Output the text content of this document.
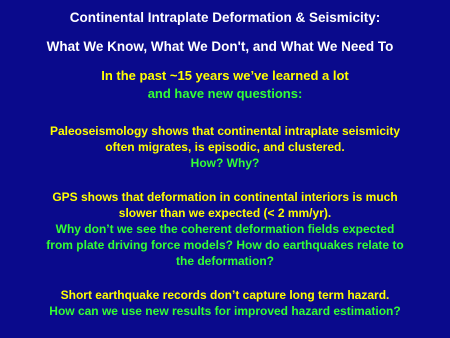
Continental Intraplate Deformation & Seismicity:
What We Know, What We Don't, and What We Need To
In the past ~15 years we’ve learned a lot
and have new questions:
Paleoseismology shows that continental intraplate seismicity
often migrates, is episodic, and clustered.
How? Why?
GPS shows that deformation in continental interiors is much
slower than we expected (< 2 mm/yr).
Why don’t we see the coherent deformation fields expected
from plate driving force models? How do earthquakes relate to
the deformation?
Short earthquake records don’t capture long term hazard.
How can we use new results for improved hazard estimation?
